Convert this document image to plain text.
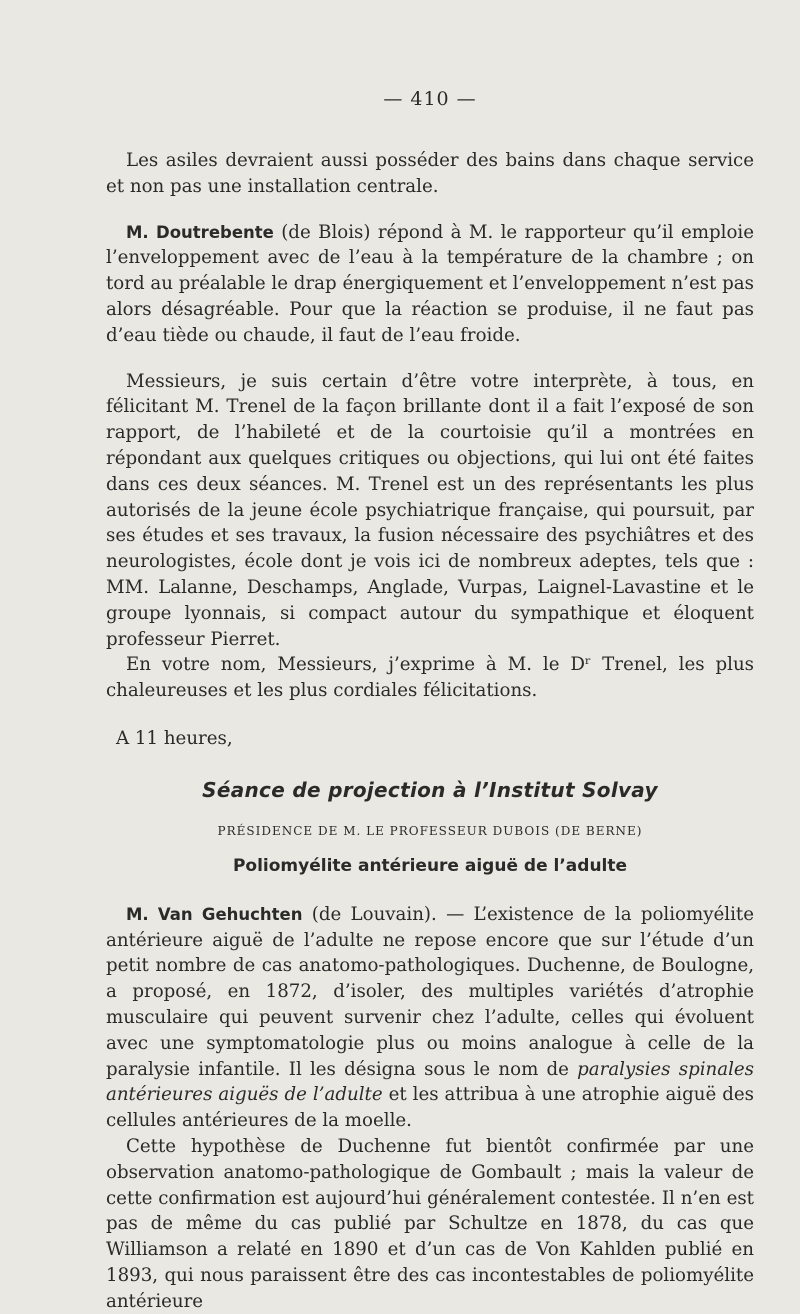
— 410 —

Les asiles devraient aussi posséder des bains dans chaque service et non pas une installation centrale.

M. Doutrebente (de Blois) répond à M. le rapporteur qu’il emploie l’enveloppement avec de l’eau à la température de la chambre ; on tord au préalable le drap énergiquement et l’enveloppement n’est pas alors désagréable. Pour que la réaction se produise, il ne faut pas d’eau tiède ou chaude, il faut de l’eau froide.

Messieurs, je suis certain d’être votre interprète, à tous, en félicitant M. Trenel de la façon brillante dont il a fait l’exposé de son rapport, de l’habileté et de la courtoisie qu’il a montrées en répondant aux quelques critiques ou objections, qui lui ont été faites dans ces deux séances. M. Trenel est un des représentants les plus autorisés de la jeune école psychiatrique française, qui poursuit, par ses études et ses travaux, la fusion nécessaire des psychiâtres et des neurologistes, école dont je vois ici de nombreux adeptes, tels que : MM. Lalanne, Deschamps, Anglade, Vurpas, Laignel-Lavastine et le groupe lyonnais, si compact autour du sympathique et éloquent professeur Pierret.

En votre nom, Messieurs, j’exprime à M. le Dʳ Trenel, les plus chaleureuses et les plus cordiales félicitations.

A 11 heures,

Séance de projection à l’Institut Solvay
PRÉSIDENCE DE M. LE PROFESSEUR DUBOIS (DE BERNE)
Poliomyélite antérieure aiguë de l’adulte

M. Van Gehuchten (de Louvain). — L’existence de la poliomyélite antérieure aiguë de l’adulte ne repose encore que sur l’étude d’un petit nombre de cas anatomo-pathologiques. Duchenne, de Boulogne, a proposé, en 1872, d’isoler, des multiples variétés d’atrophie musculaire qui peuvent survenir chez l’adulte, celles qui évoluent avec une symptomatologie plus ou moins analogue à celle de la paralysie infantile. Il les désigna sous le nom de paralysies spinales antérieures aiguës de l’adulte et les attribua à une atrophie aiguë des cellules antérieures de la moelle.

Cette hypothèse de Duchenne fut bientôt confirmée par une observation anatomo-pathologique de Gombault ; mais la valeur de cette confirmation est aujourd’hui généralement contestée. Il n’en est pas de même du cas publié par Schultze en 1878, du cas que Williamson a relaté en 1890 et d’un cas de Von Kahlden publié en 1893, qui nous paraissent être des cas incontestables de poliomyélite antérieure
